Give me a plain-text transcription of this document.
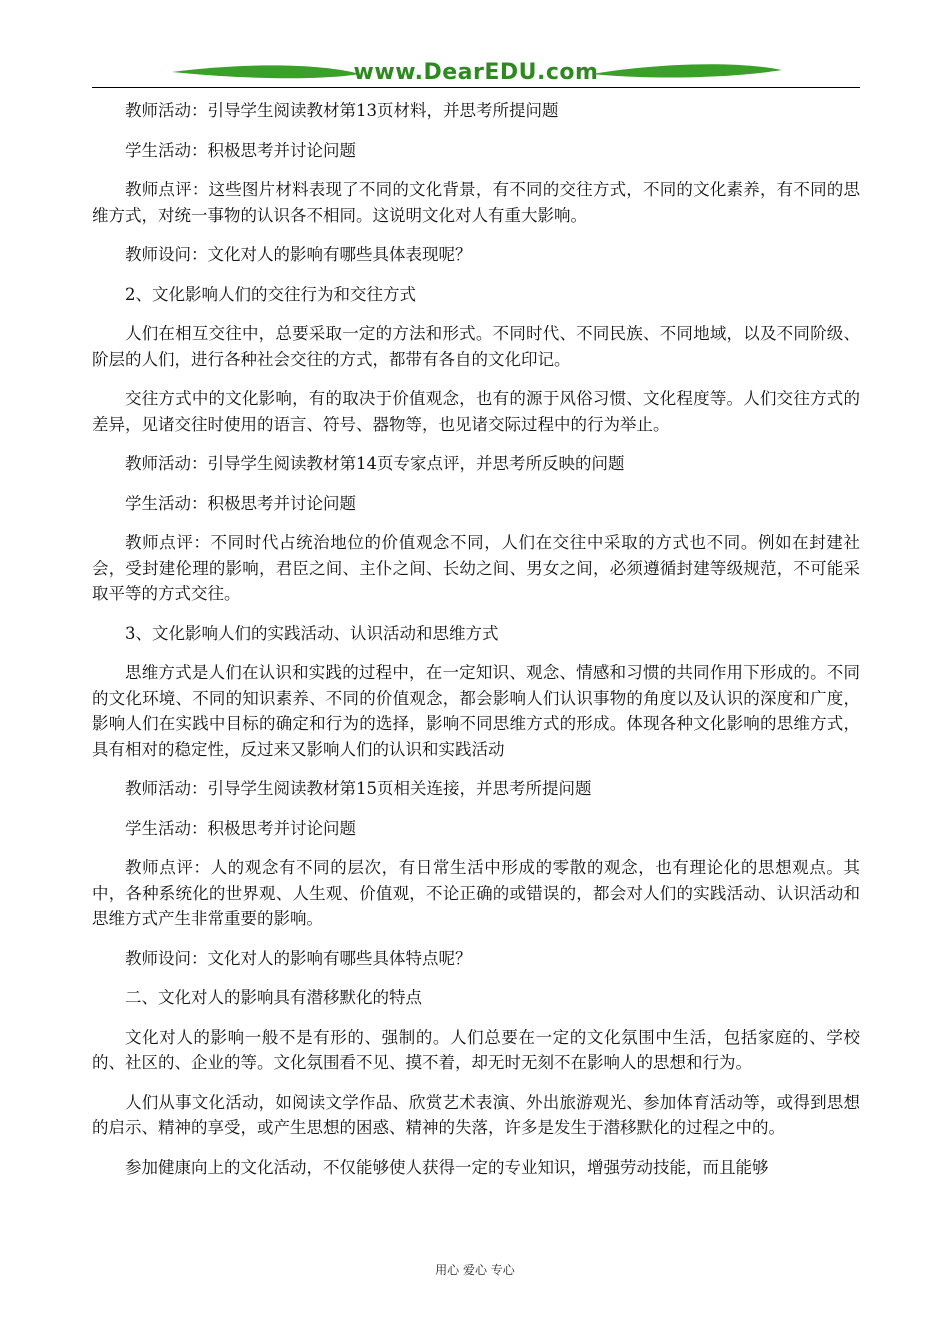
www.DearEDU.com

教师活动：引导学生阅读教材第13页材料，并思考所提问题

学生活动：积极思考并讨论问题

教师点评：这些图片材料表现了不同的文化背景，有不同的交往方式，不同的文化素养，有不同的思维方式，对统一事物的认识各不相同。这说明文化对人有重大影响。

教师设问：文化对人的影响有哪些具体表现呢？

2、文化影响人们的交往行为和交往方式

人们在相互交往中，总要采取一定的方法和形式。不同时代、不同民族、不同地域，以及不同阶级、阶层的人们，进行各种社会交往的方式，都带有各自的文化印记。

交往方式中的文化影响，有的取决于价值观念，也有的源于风俗习惯、文化程度等。人们交往方式的差异，见诸交往时使用的语言、符号、器物等，也见诸交际过程中的行为举止。

教师活动：引导学生阅读教材第14页专家点评，并思考所反映的问题

学生活动：积极思考并讨论问题

教师点评：不同时代占统治地位的价值观念不同，人们在交往中采取的方式也不同。例如在封建社会，受封建伦理的影响，君臣之间、主仆之间、长幼之间、男女之间，必须遵循封建等级规范，不可能采取平等的方式交往。

3、文化影响人们的实践活动、认识活动和思维方式

思维方式是人们在认识和实践的过程中，在一定知识、观念、情感和习惯的共同作用下形成的。不同的文化环境、不同的知识素养、不同的价值观念，都会影响人们认识事物的角度以及认识的深度和广度，影响人们在实践中目标的确定和行为的选择，影响不同思维方式的形成。体现各种文化影响的思维方式，具有相对的稳定性，反过来又影响人们的认识和实践活动

教师活动：引导学生阅读教材第15页相关连接，并思考所提问题

学生活动：积极思考并讨论问题

教师点评：人的观念有不同的层次，有日常生活中形成的零散的观念，也有理论化的思想观点。其中，各种系统化的世界观、人生观、价值观，不论正确的或错误的，都会对人们的实践活动、认识活动和思维方式产生非常重要的影响。

教师设问：文化对人的影响有哪些具体特点呢？

二、文化对人的影响具有潜移默化的特点

文化对人的影响一般不是有形的、强制的。人们总要在一定的文化氛围中生活，包括家庭的、学校的、社区的、企业的等。文化氛围看不见、摸不着，却无时无刻不在影响人的思想和行为。

人们从事文化活动，如阅读文学作品、欣赏艺术表演、外出旅游观光、参加体育活动等，或得到思想的启示、精神的享受，或产生思想的困惑、精神的失落，许多是发生于潜移默化的过程之中的。

参加健康向上的文化活动，不仅能够使人获得一定的专业知识，增强劳动技能，而且能够

用心 爱心 专心
